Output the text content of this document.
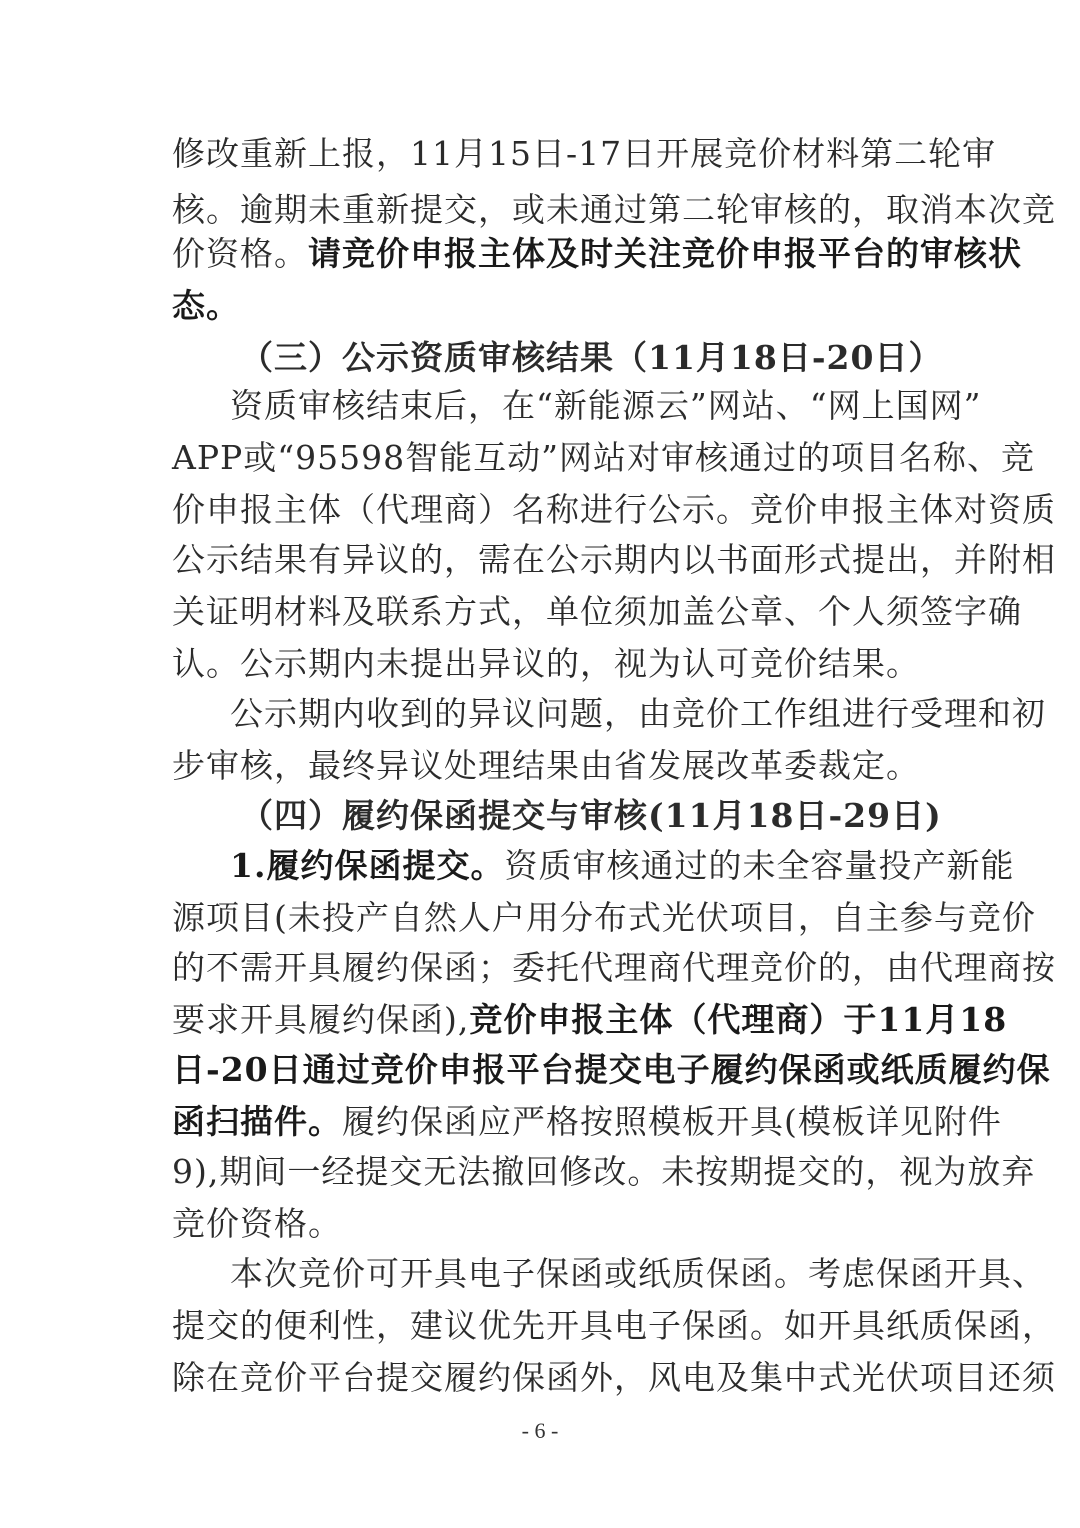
修改重新上报，11月15日-17日开展竞价材料第二轮审
核。逾期未重新提交，或未通过第二轮审核的，取消本次竞
价资格。请竞价申报主体及时关注竞价申报平台的审核状
态。
（三）公示资质审核结果（11月18日-20日）
资质审核结束后，在“新能源云”网站、“网上国网”
APP或“95598智能互动”网站对审核通过的项目名称、竞
价申报主体（代理商）名称进行公示。竞价申报主体对资质
公示结果有异议的，需在公示期内以书面形式提出，并附相
关证明材料及联系方式，单位须加盖公章、个人须签字确
认。公示期内未提出异议的，视为认可竞价结果。
公示期内收到的异议问题，由竞价工作组进行受理和初
步审核，最终异议处理结果由省发展改革委裁定。
（四）履约保函提交与审核(11月18日-29日)
1.履约保函提交。资质审核通过的未全容量投产新能
源项目(未投产自然人户用分布式光伏项目，自主参与竞价
的不需开具履约保函；委托代理商代理竞价的，由代理商按
要求开具履约保函),竞价申报主体（代理商）于11月18
日-20日通过竞价申报平台提交电子履约保函或纸质履约保
函扫描件。履约保函应严格按照模板开具(模板详见附件
9),期间一经提交无法撤回修改。未按期提交的，视为放弃
竞价资格。
本次竞价可开具电子保函或纸质保函。考虑保函开具、
提交的便利性，建议优先开具电子保函。如开具纸质保函，
除在竞价平台提交履约保函外，风电及集中式光伏项目还须
- 6 -
